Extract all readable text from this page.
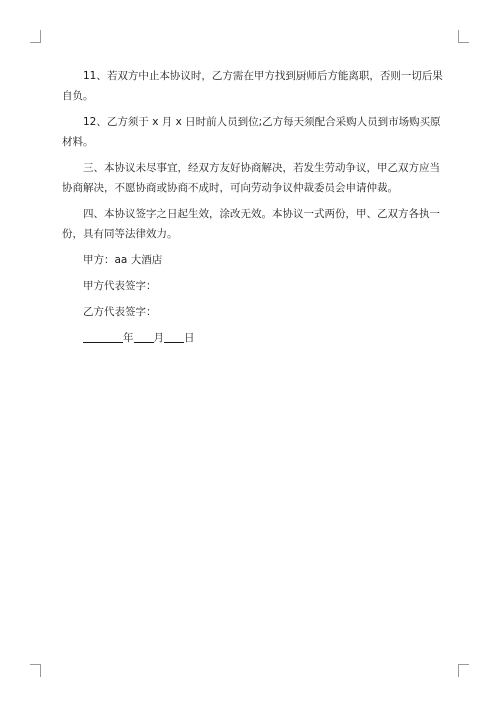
11、若双方中止本协议时，乙方需在甲方找到厨师后方能离职，否则一切后果自负。

12、乙方须于 x 月 x 日时前人员到位;乙方每天须配合采购人员到市场购买原材料。

三、本协议未尽事宜，经双方友好协商解决，若发生劳动争议，甲乙双方应当协商解决，不愿协商或协商不成时，可向劳动争议仲裁委员会申请仲裁。

四、本协议签字之日起生效，涂改无效。本协议一式两份，甲、乙双方各执一份，具有同等法律效力。

甲方：aa 大酒店

甲方代表签字：

乙方代表签字：

年 月 日
